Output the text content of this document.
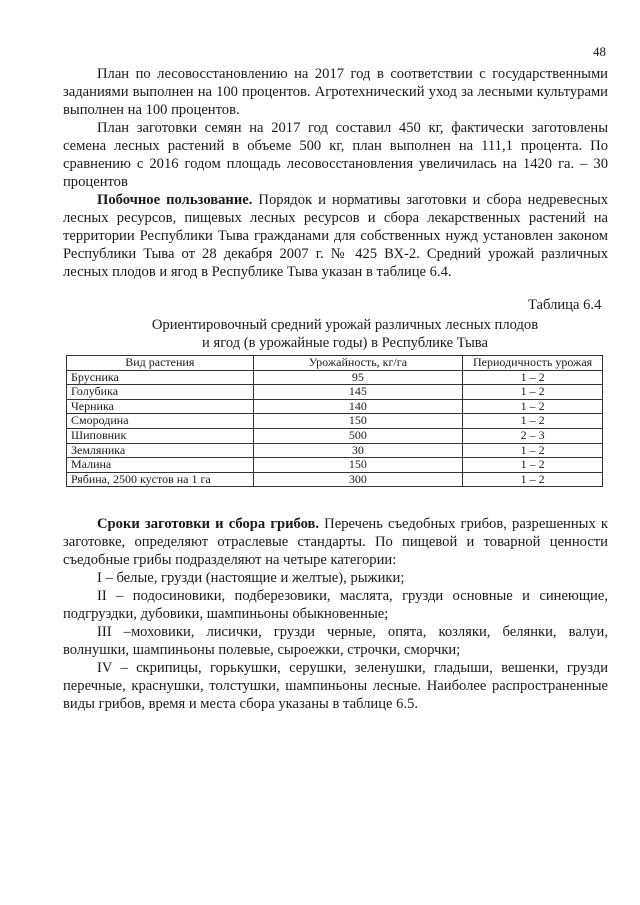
48

План по лесовосстановлению на 2017 год в соответствии с государственными заданиями выполнен на 100 процентов. Агротехнический уход за лесными культурами выполнен на 100 процентов.

План заготовки семян на 2017 год составил 450 кг, фактически заготовлены семена лесных растений в объеме 500 кг, план выполнен на 111,1 процента. По сравнению с 2016 годом площадь лесовосстановления увеличилась на 1420 га. – 30 процентов

Побочное пользование. Порядок и нормативы заготовки и сбора недревесных лесных ресурсов, пищевых лесных ресурсов и сбора лекарственных растений на территории Республики Тыва гражданами для собственных нужд установлен законом Республики Тыва от 28 декабря 2007 г. № 425 ВХ-2. Средний урожай различных лесных плодов и ягод в Республике Тыва указан в таблице 6.4.

Таблица 6.4
Ориентировочный средний урожай различных лесных плодов и ягод (в урожайные годы) в Республике Тыва
Вид растения	Урожайность, кг/га	Периодичность урожая
Брусника	95	1 – 2
Голубика	145	1 – 2
Черника	140	1 – 2
Смородина	150	1 – 2
Шиповник	500	2 – 3
Земляника	30	1 – 2
Малина	150	1 – 2
Рябина, 2500 кустов на 1 га	300	1 – 2

Сроки заготовки и сбора грибов. Перечень съедобных грибов, разрешенных к заготовке, определяют отраслевые стандарты. По пищевой и товарной ценности съедобные грибы подразделяют на четыре категории:

I – белые, грузди (настоящие и желтые), рыжики;

II – подосиновики, подберезовики, маслята, грузди основные и синеющие, подгруздки, дубовики, шампиньоны обыкновенные;

III –моховики, лисички, грузди черные, опята, козляки, белянки, валуи, волнушки, шампиньоны полевые, сыроежки, строчки, сморчки;

IV – скрипицы, горькушки, серушки, зеленушки, гладыши, вешенки, грузди перечные, краснушки, толстушки, шампиньоны лесные. Наиболее распространенные виды грибов, время и места сбора указаны в таблице 6.5.
